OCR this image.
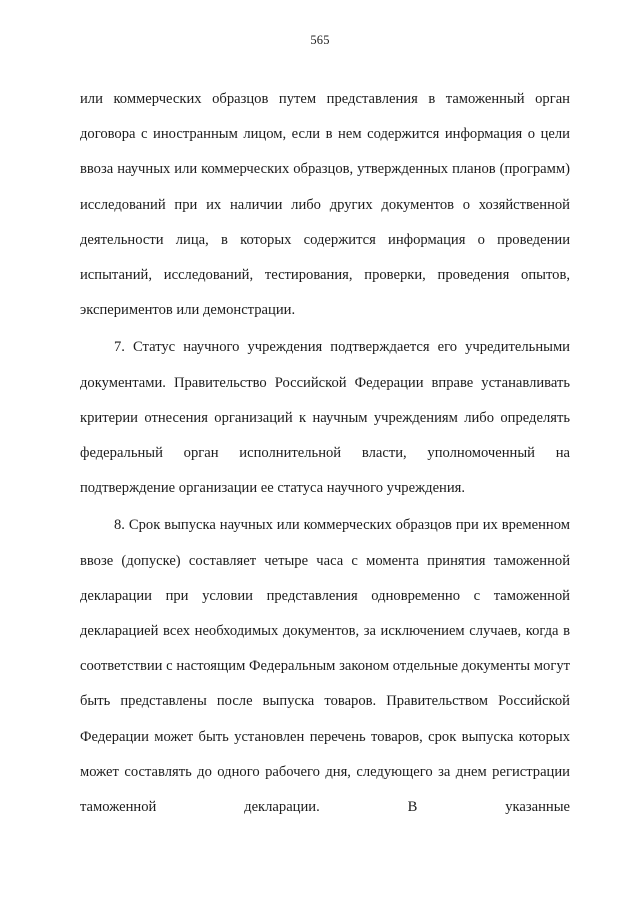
565

или коммерческих образцов путем представления в таможенный орган договора с иностранным лицом, если в нем содержится информация о цели ввоза научных или коммерческих образцов, утвержденных планов (программ) исследований при их наличии либо других документов о хозяйственной деятельности лица, в которых содержится информация о проведении испытаний, исследований, тестирования, проверки, проведения опытов, экспериментов или демонстрации.

7. Статус научного учреждения подтверждается его учредительными документами. Правительство Российской Федерации вправе устанавливать критерии отнесения организаций к научным учреждениям либо определять федеральный орган исполнительной власти, уполномоченный на подтверждение организации ее статуса научного учреждения.

8. Срок выпуска научных или коммерческих образцов при их временном ввозе (допуске) составляет четыре часа с момента принятия таможенной декларации при условии представления одновременно с таможенной декларацией всех необходимых документов, за исключением случаев, когда в соответствии с настоящим Федеральным законом отдельные документы могут быть представлены после выпуска товаров. Правительством Российской Федерации может быть установлен перечень товаров, срок выпуска которых может составлять до одного рабочего дня, следующего за днем регистрации таможенной декларации. В указанные
